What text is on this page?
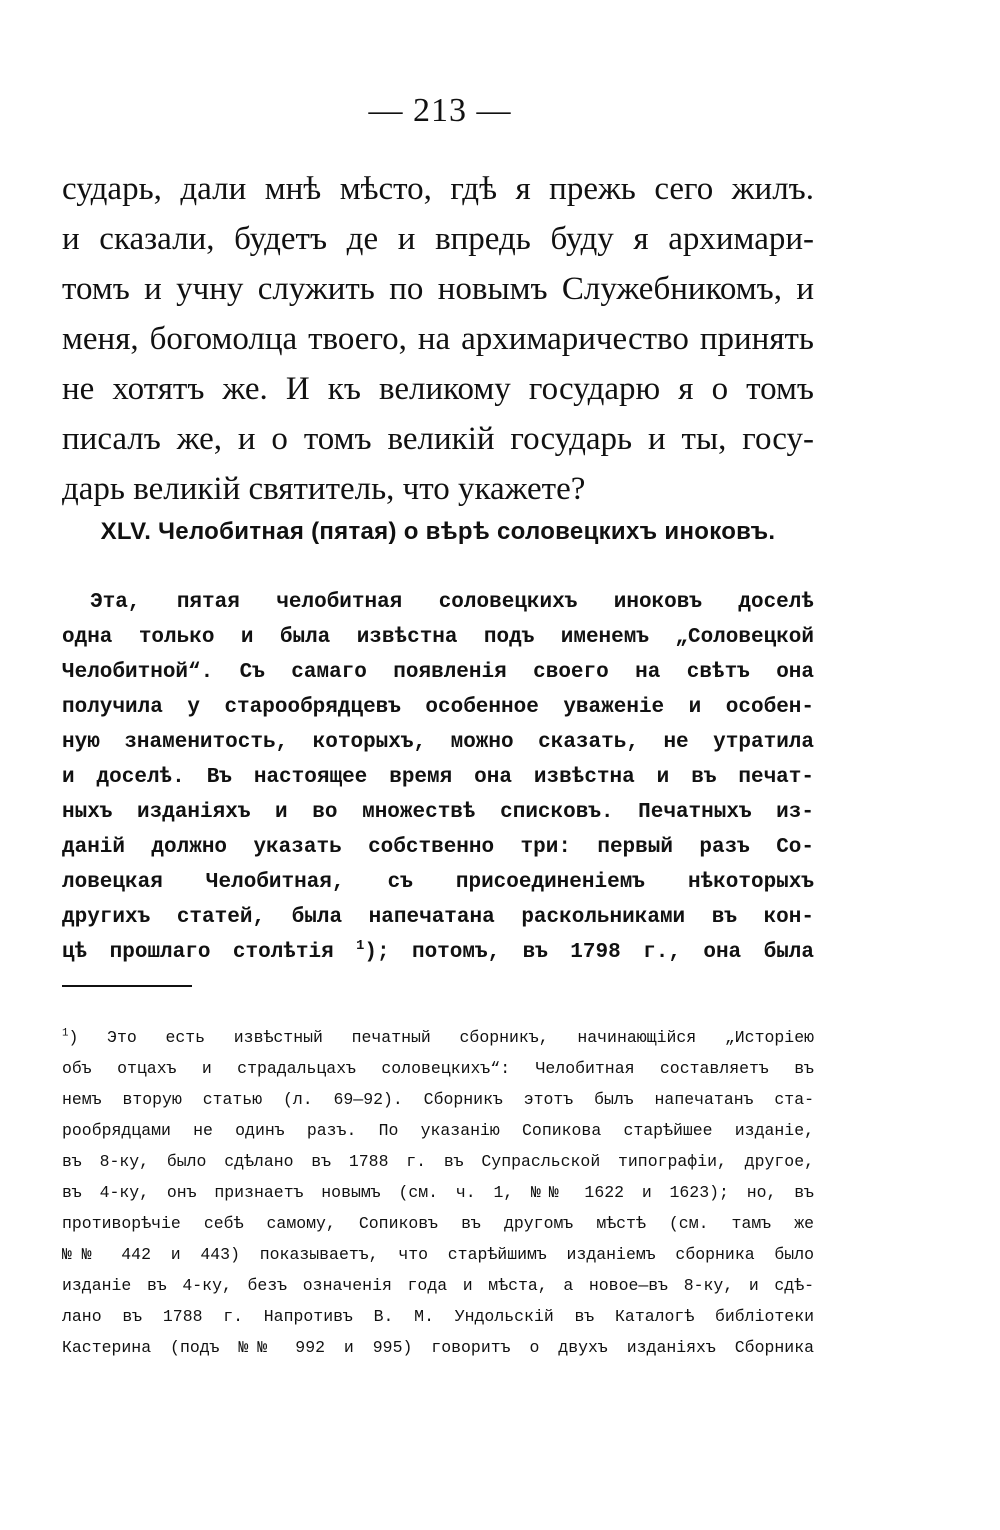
— 213 —
сударь, дали мнѣ мѣсто, гдѣ я прежь сего жилъ.
и сказали, будетъ де и впредь буду я архимари-
томъ и учну служить по новымъ Служебникомъ, и
меня, богомолца твоего, на архимаричество принять
не хотятъ же. И къ великому государю я о томъ
писалъ же, и о томъ великiй государь и ты, госу-
дарь великiй святитель, что укажете?
XLV. Челобитная (пятая) о вѣрѣ соловецкихъ иноковъ.
Эта, пятая челобитная соловецкихъ иноковъ доселѣ
одна только и была извѣстна подъ именемъ „Соловецкой
Челобитной“. Съ самаго появленiя своего на свѣтъ она
получила у старообрядцевъ особенное уваженiе и особен-
ную знаменитость, которыхъ, можно сказать, не утратила
и доселѣ. Въ настоящее время она извѣстна и въ печат-
ныхъ изданiяхъ и во множествѣ списковъ. Печатныхъ из-
данiй должно указать собственно три: первый разъ Со-
ловецкая Челобитная, съ присоединенiемъ нѣкоторыхъ
другихъ статей, была напечатана раскольниками въ кон-
цѣ прошлаго столѣтiя $^1$); потомъ, въ 1798 г., она была
$^1$) Это есть извѣстный печатный сборникъ, начинающiйся „Исторiею
объ отцахъ и страдальцахъ соловецкихъ“: Челобитная составляетъ въ
немъ вторую статью (л. 69—92). Сборникъ этотъ былъ напечатанъ ста-
рообрядцами не одинъ разъ. По указанiю Сопикова старѣйшее изданiе,
въ 8-ку, было сдѣлано въ 1788 г. въ Супрасльской типографiи, другое,
въ 4-ку, онъ признаетъ новымъ (см. ч. 1, №№ 1622 и 1623); но, въ
противорѣчiе себѣ самому, Сопиковъ въ другомъ мѣстѣ (см. тамъ же
№№ 442 и 443) показываетъ, что старѣйшимъ изданiемъ сборника было
изданiе въ 4-ку, безъ означенiя года и мѣста, а новое—въ 8-ку, и сдѣ-
лано въ 1788 г. Напротивъ В. М. Ундольскiй въ Каталогѣ библiотеки
Кастерина (подъ №№ 992 и 995) говоритъ о двухъ изданiяхъ Сборника
